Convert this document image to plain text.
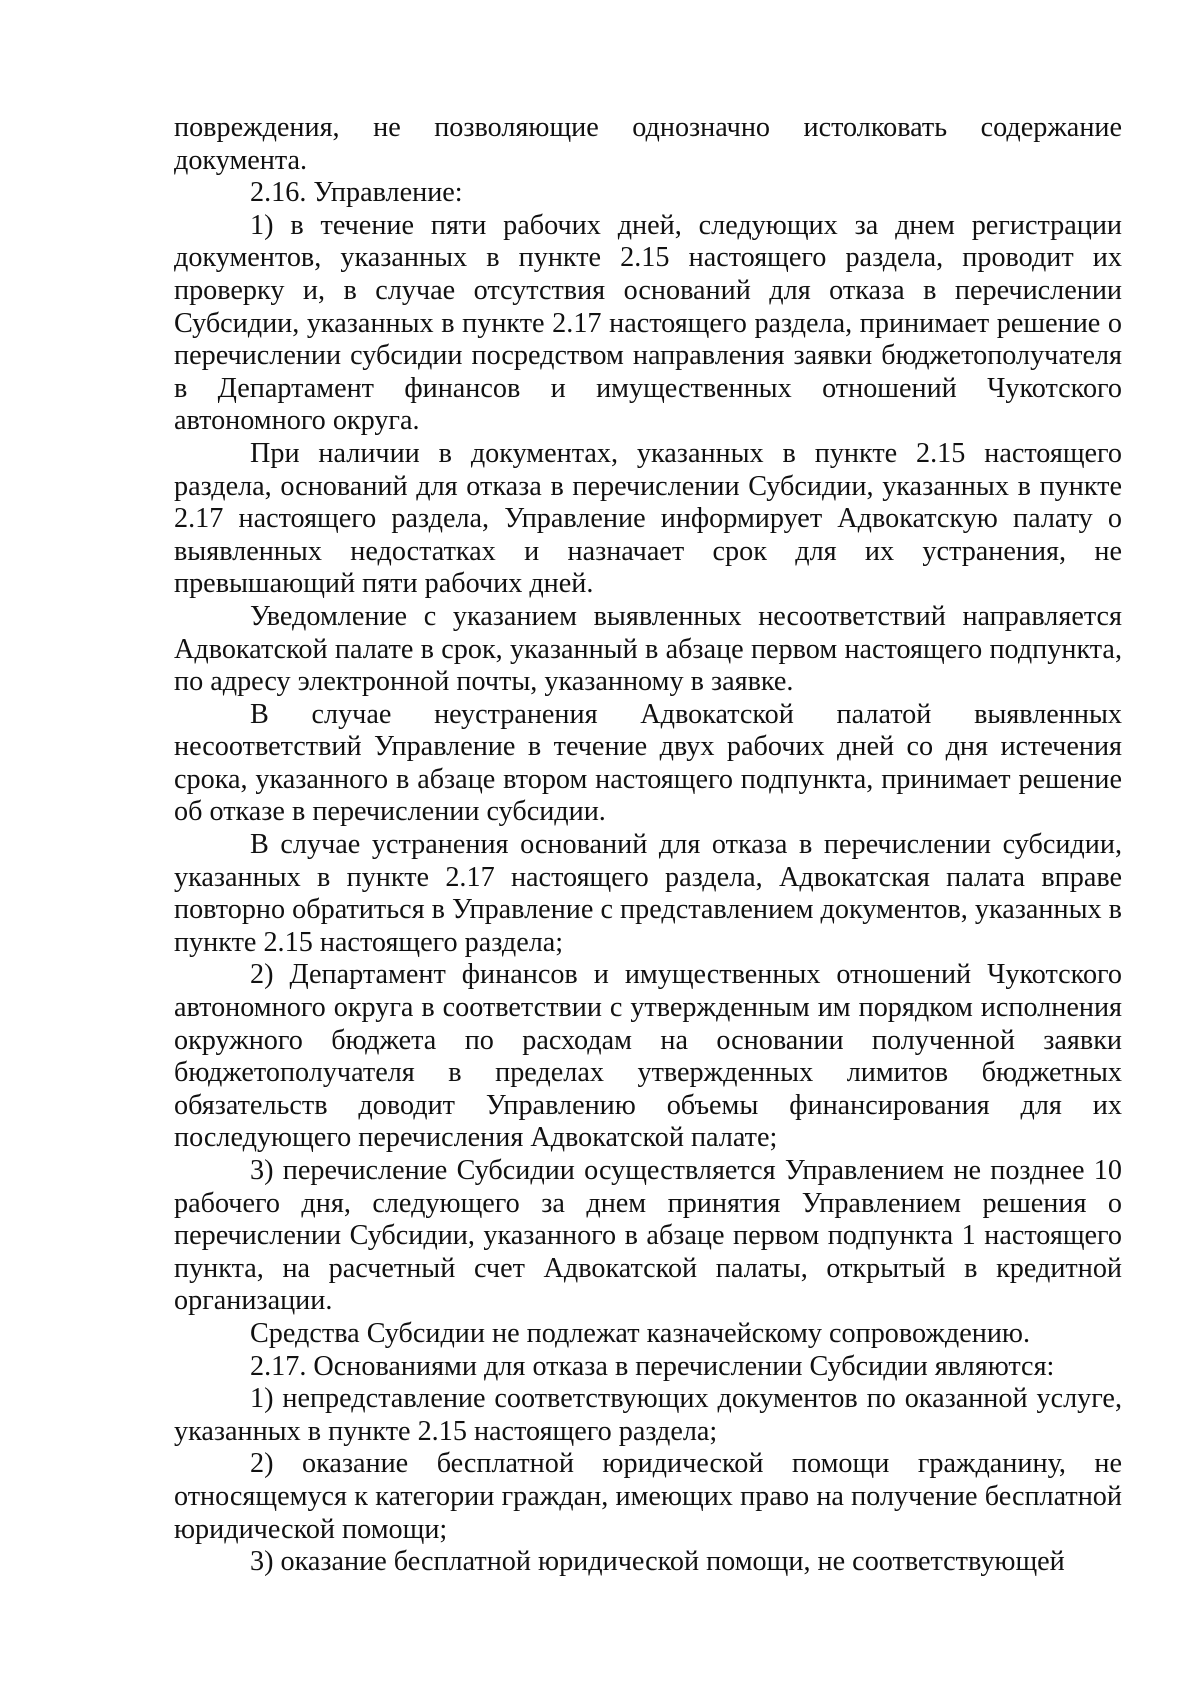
повреждения, не позволяющие однозначно истолковать содержание документа.

2.16. Управление:

1) в течение пяти рабочих дней, следующих за днем регистрации документов, указанных в пункте 2.15 настоящего раздела, проводит их проверку и, в случае отсутствия оснований для отказа в перечислении Субсидии, указанных в пункте 2.17 настоящего раздела, принимает решение о перечислении субсидии посредством направления заявки бюджетополучателя в Департамент финансов и имущественных отношений Чукотского автономного округа.

При наличии в документах, указанных в пункте 2.15 настоящего раздела, оснований для отказа в перечислении Субсидии, указанных в пункте 2.17 настоящего раздела, Управление информирует Адвокатскую палату о выявленных недостатках и назначает срок для их устранения, не превышающий пяти рабочих дней.

Уведомление с указанием выявленных несоответствий направляется Адвокатской палате в срок, указанный в абзаце первом настоящего подпункта, по адресу электронной почты, указанному в заявке.

В случае неустранения Адвокатской палатой выявленных несоответствий Управление в течение двух рабочих дней со дня истечения срока, указанного в абзаце втором настоящего подпункта, принимает решение об отказе в перечислении субсидии.

В случае устранения оснований для отказа в перечислении субсидии, указанных в пункте 2.17 настоящего раздела, Адвокатская палата вправе повторно обратиться в Управление с представлением документов, указанных в пункте 2.15 настоящего раздела;

2) Департамент финансов и имущественных отношений Чукотского автономного округа в соответствии с утвержденным им порядком исполнения окружного бюджета по расходам на основании полученной заявки бюджетополучателя в пределах утвержденных лимитов бюджетных обязательств доводит Управлению объемы финансирования для их последующего перечисления Адвокатской палате;

3) перечисление Субсидии осуществляется Управлением не позднее 10 рабочего дня, следующего за днем принятия Управлением решения о перечислении Субсидии, указанного в абзаце первом подпункта 1 настоящего пункта, на расчетный счет Адвокатской палаты, открытый в кредитной организации.

Средства Субсидии не подлежат казначейскому сопровождению.

2.17. Основаниями для отказа в перечислении Субсидии являются:

1) непредставление соответствующих документов по оказанной услуге, указанных в пункте 2.15 настоящего раздела;

2) оказание бесплатной юридической помощи гражданину, не относящемуся к категории граждан, имеющих право на получение бесплатной юридической помощи;

3) оказание бесплатной юридической помощи, не соответствующей
